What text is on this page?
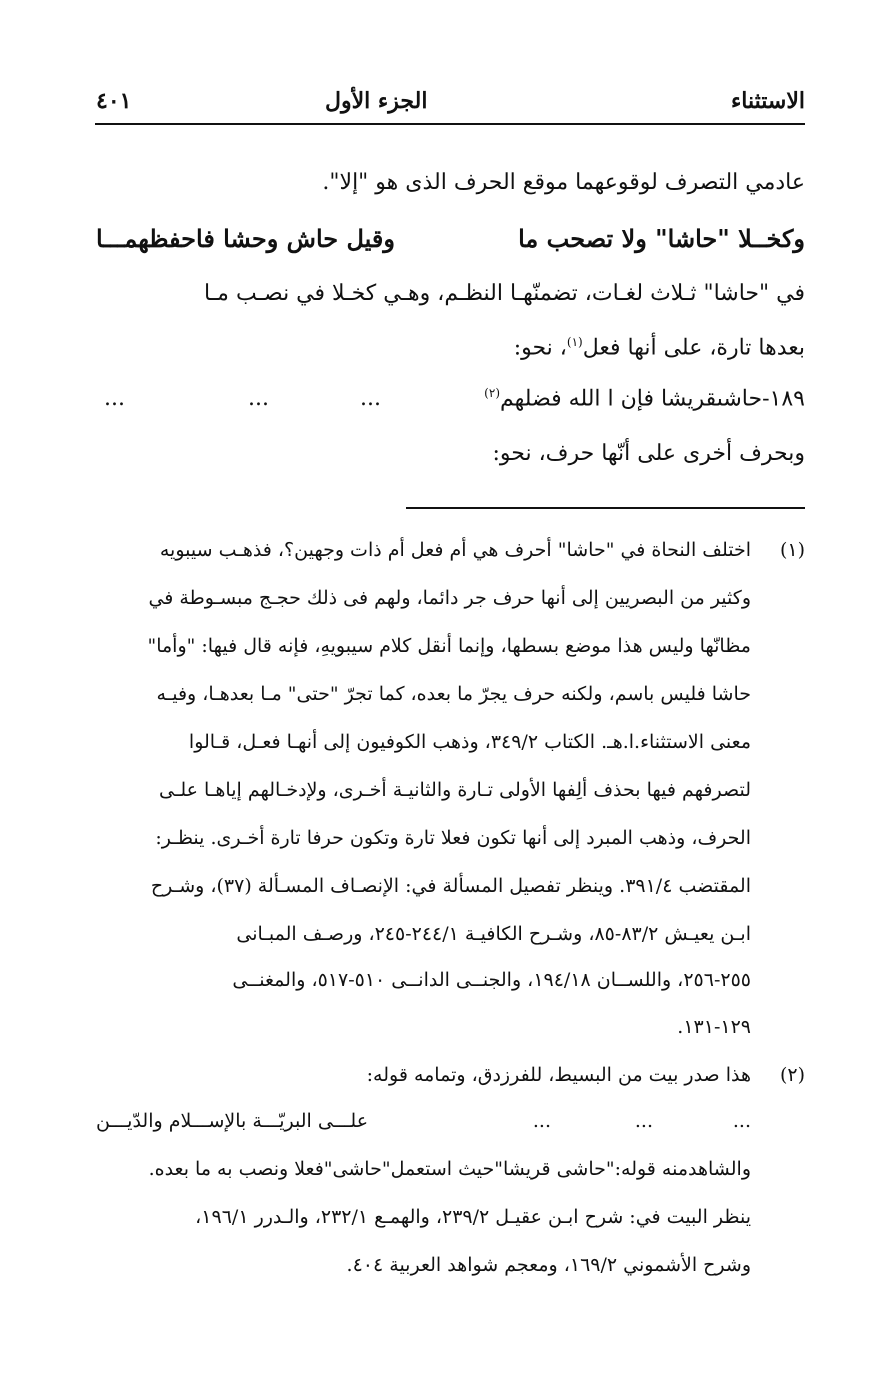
الاستثناء
الجزء الأول
٤٠١
عادمي التصرف لوقوعهما موقع الحرف الذى هو "إلا".
وكخــلا "حاشا" ولا تصحب ما
وقيل حاش وحشا فاحفظهمـــا
في "حاشا" ثـلاث لغـات، تضمنّهـا النظـم، وهـي كخـلا في نصـب مـا
بعدها تارة، على أنها فعل$^{(١)}$، نحو:
١٨٩-حاشىقريشا فإن ا الله فضلهم$^{(٢)}$
...
...
...
وبحرف أخرى على أنّها حرف، نحو:
(١)
اختلف النحاة في "حاشا" أحرف هي أم فعل أم ذات وجهين؟، فذهـب سيبويه
وكثير من البصريين إلى أنها حرف جر دائما، ولهم فى ذلك حجـج مبسـوطة في
مظانّها وليس هذا موضع بسطها، وإنما أنقل كلام سيبويهِ، فإنه قال فيها: "وأما"
حاشا فليس باسم، ولكنه حرف يجرّ ما بعده، كما تجرّ "حتى" مـا بعدهـا، وفيـه
معنى الاستثناء.ا.هـ. الكتاب ٣٤٩/٢، وذهب الكوفيون إلى أنهـا فعـل، قـالوا
لتصرفهم فيها بحذف ألِفها الأولى تـارة والثانيـة أخـرى، ولإدخـالهم إياهـا علـى
الحرف، وذهب المبرد إلى أنها تكون فعلا تارة وتكون حرفا تارة أخـرى. ينظـر:
المقتضب ٣٩١/٤. وينظر تفصيل المسألة في: الإنصـاف المسـألة (٣٧)، وشـرح
ابـن يعيـش ٨٣/٢-٨٥، وشـرح الكافيـة ٢٤٤/١-٢٤٥، ورصـف المبـانى
٢٥٥-٢٥٦، واللســان ١٩٤/١٨، والجنــى الدانــى ٥١٠-٥١٧، والمغنــى
١٢٩-١٣١.
(٢)
هذا صدر بيت من البسيط، للفرزدق، وتمامه قوله:
...
...
...
علـــى البريّـــة بالإســـلام والدّيـــن
والشاهدمنه قوله:"حاشى قريشا"حيث استعمل"حاشى"فعلا ونصب به ما بعده.
ينظر البيت في: شرح ابـن عقيـل ٢٣٩/٢، والهمـع ٢٣٢/١، والـدرر ١٩٦/١،
وشرح الأشموني ١٦٩/٢، ومعجم شواهد العربية ٤٠٤.
